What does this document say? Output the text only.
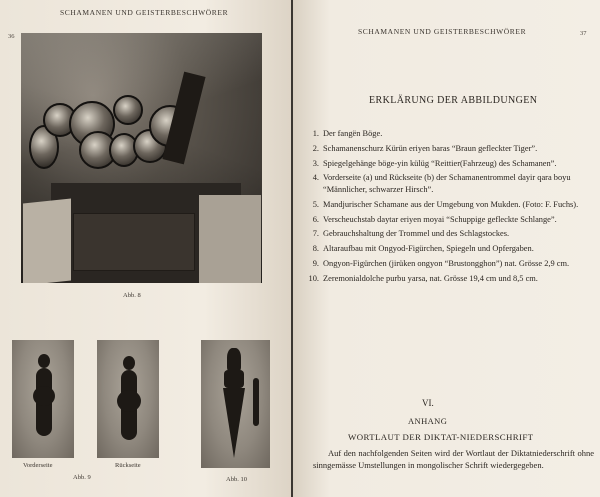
36
SCHAMANEN UND GEISTERBESCHWÖRER
Abb. 8
Vorderseite	Rückseite
Abb. 9	Abb. 10
SCHAMANEN UND GEISTERBESCHWÖRER	37
ERKLÄRUNG DER ABBILDUNGEN
1. Der fangën Böge.
2. Schamanenschurz Kürün eriyen baras “Braun gefleckter Tiger”.
3. Spiegelgehänge böge-yin külüg “Reittier(Fahrzeug) des Schamanen”.
4. Vorderseite (a) und Rückseite (b) der Schamanentrommel dayir qara boyu “Männlicher, schwarzer Hirsch”.
5. Mandjurischer Schamane aus der Umgebung von Mukden. (Foto: F. Fuchs).
6. Verscheuchstab daytar eriyen moyai “Schuppige gefleckte Schlange”.
7. Gebrauchshaltung der Trommel und des Schlagstockes.
8. Altaraufbau mit Ongyod-Figürchen, Spiegeln und Opfergaben.
9. Ongyon-Figürchen (jirüken ongyon “Brustongghon”) nat. Grösse 2,9 cm.
10. Zeremonialdolche purbu yarsa, nat. Grösse 19,4 cm und 8,5 cm.
VI.
ANHANG
WORTLAUT DER DIKTAT-NIEDERSCHRIFT
Auf den nachfolgenden Seiten wird der Wortlaut der Diktatniederschrift ohne sinngemässe Umstellungen in mongolischer Schrift wiedergegeben.
